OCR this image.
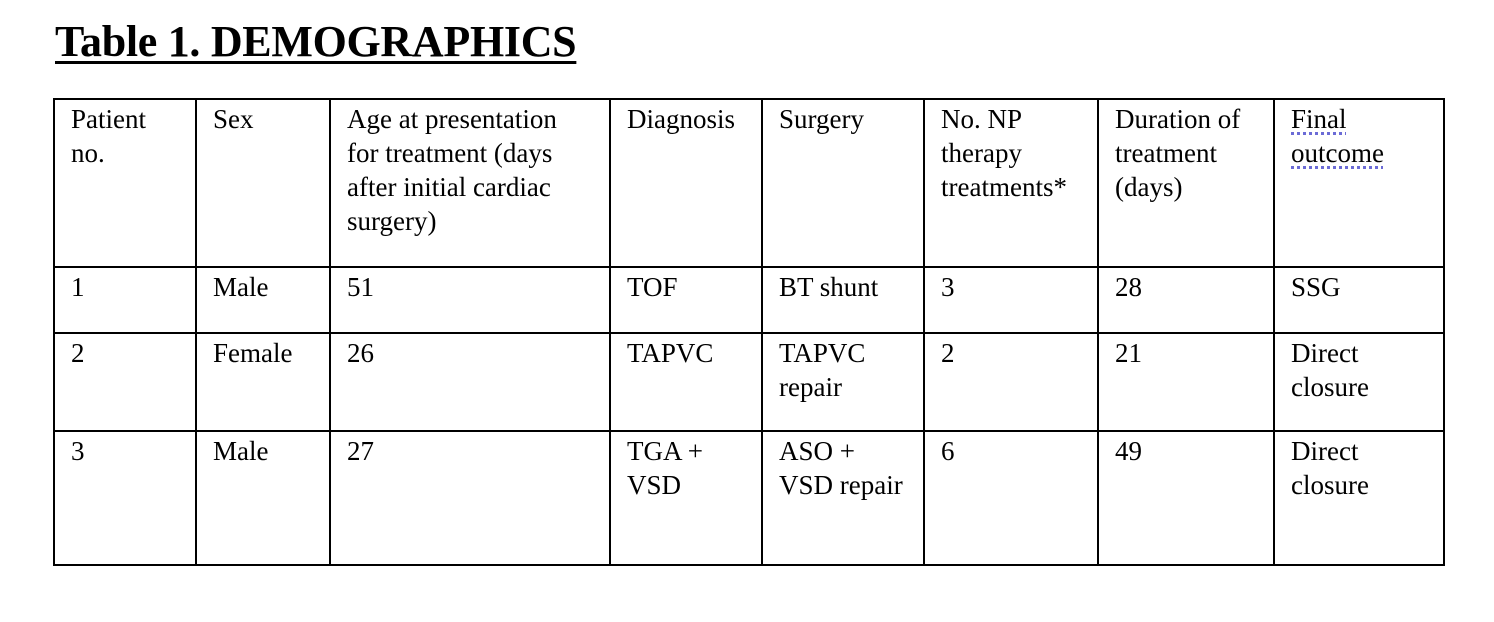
Table 1. DEMOGRAPHICS
Patient no.	Sex	Age at presentation for treatment (days after initial cardiac surgery)	Diagnosis	Surgery	No. NP therapy treatments*	Duration of treatment (days)	Final outcome
1	Male	51	TOF	BT shunt	3	28	SSG
2	Female	26	TAPVC	TAPVC repair	2	21	Direct closure
3	Male	27	TGA + VSD	ASO + VSD repair	6	49	Direct closure
